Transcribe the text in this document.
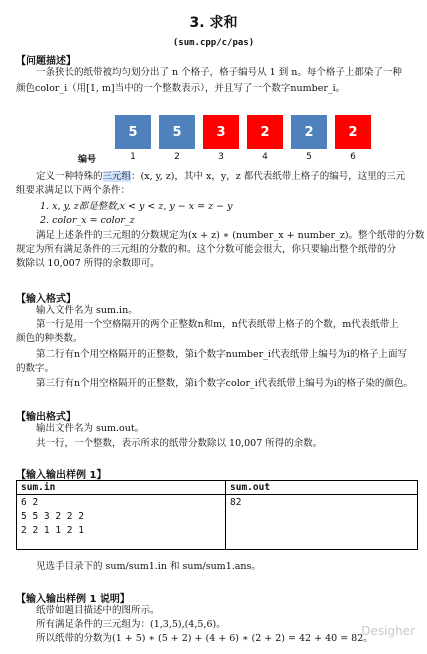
3. 求和
(sum.cpp/c/pas)
【问题描述】
一条狭长的纸带被均匀划分出了 n 个格子，格子编号从 1 到 n。每个格子上都染了一种
颜色color_i（用[1, m]当中的一个整数表示），并且写了一个数字number_i。
5	5	3	2	2	2
编号	1	2	3	4	5	6
定义一种特殊的三元组：(x, y, z)，其中 x，y，z 都代表纸带上格子的编号，这里的三元
组要求满足以下两个条件：
1. x, y, z都是整数,x < y < z, y − x = z − y
2. color_x = color_z
满足上述条件的三元组的分数规定为(x + z) ∗ (number_x + number_z)。整个纸带的分数
规定为所有满足条件的三元组的分数的和。这个分数可能会很大，你只要输出整个纸带的分
数除以 10,007 所得的余数即可。
【输入格式】
输入文件名为 sum.in。
第一行是用一个空格隔开的两个正整数n和m，n代表纸带上格子的个数，m代表纸带上
颜色的种类数。
第二行有n个用空格隔开的正整数，第i个数字number_i代表纸带上编号为i的格子上面写
的数字。
第三行有n个用空格隔开的正整数，第i个数字color_i代表纸带上编号为i的格子染的颜色。
【输出格式】
输出文件名为 sum.out。
共一行，一个整数，表示所求的纸带分数除以 10,007 所得的余数。
【输入输出样例 1】
sum.in	sum.out

6 2
5 5 3 2 2 2
2 2 1 1 2 1	82
见选手目录下的 sum/sum1.in 和 sum/sum1.ans。
【输入输出样例 1 说明】
纸带如题目描述中的图所示。
所有满足条件的三元组为：(1,3,5),(4,5,6)。
所以纸带的分数为(1 + 5) ∗ (5 + 2) + (4 + 6) ∗ (2 + 2) = 42 + 40 = 82。
Desigher
